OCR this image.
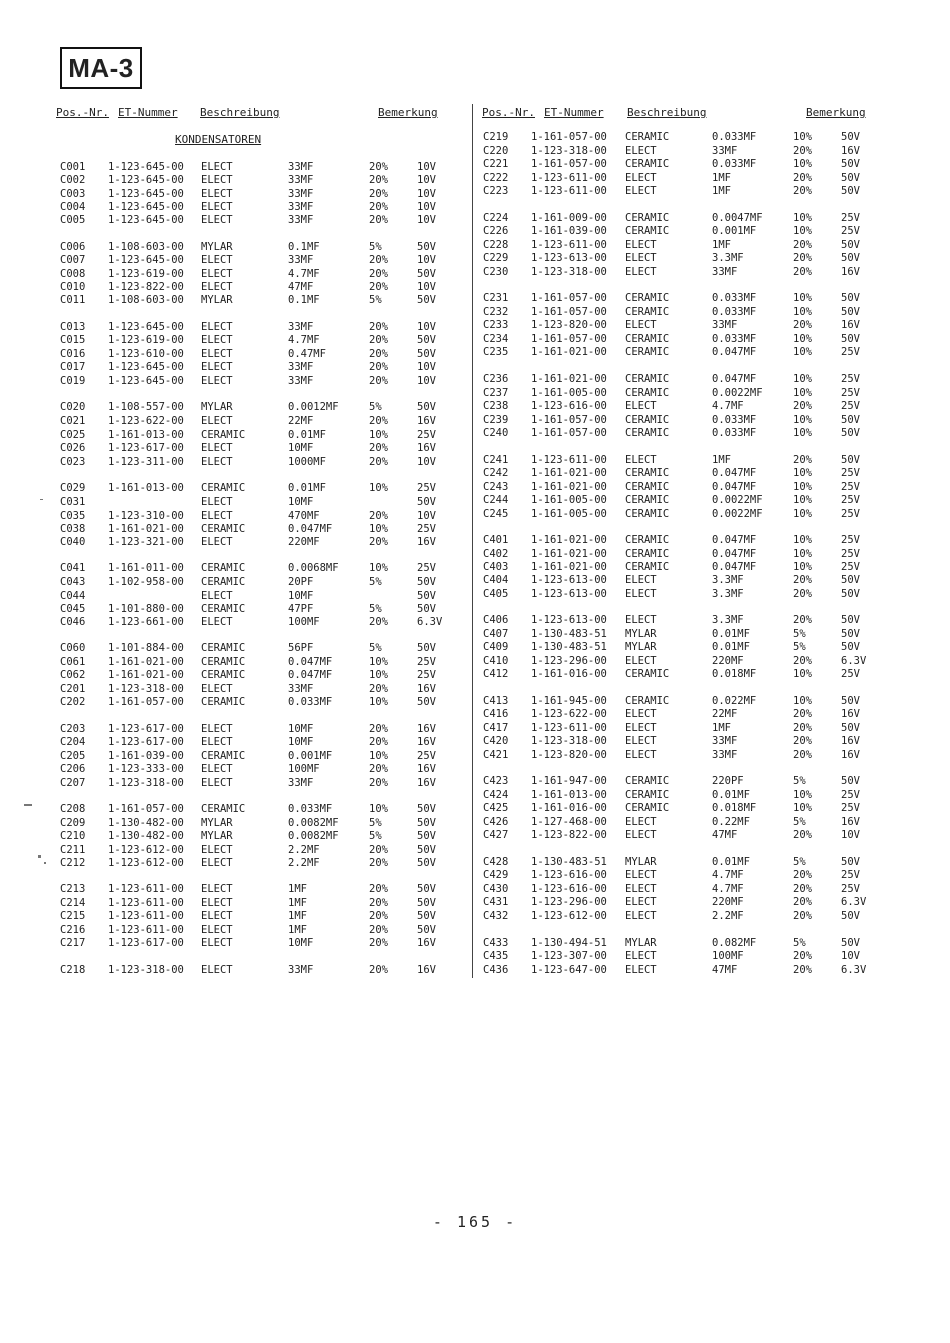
MA-3
Pos.-Nr. ET-Nummer Beschreibung	Bemerkung	Pos.-Nr. ET-Nummer Beschreibung	Bemerkung
KONDENSATOREN
C001 1-123-645-00 ELECT	33MF	20%	10V
C002 1-123-645-00 ELECT	33MF	20%	10V
C003 1-123-645-00 ELECT	33MF	20%	10V
C004 1-123-645-00 ELECT	33MF	20%	10V
C005 1-123-645-00 ELECT	33MF	20%	10V
C006 1-108-603-00 MYLAR	0.1MF	5%	50V
C007 1-123-645-00 ELECT	33MF	20%	10V
C008 1-123-619-00 ELECT	4.7MF	20%	50V
C010 1-123-822-00 ELECT	47MF	20%	10V
C011 1-108-603-00 MYLAR	0.1MF	5%	50V
C013 1-123-645-00 ELECT	33MF	20%	10V
C015 1-123-619-00 ELECT	4.7MF	20%	50V
C016 1-123-610-00 ELECT	0.47MF	20%	50V
C017 1-123-645-00 ELECT	33MF	20%	10V
C019 1-123-645-00 ELECT	33MF	20%	10V
C020 1-108-557-00 MYLAR	0.0012MF	5%	50V
C021 1-123-622-00 ELECT	22MF	20%	16V
C025 1-161-013-00 CERAMIC	0.01MF	10%	25V
C026 1-123-617-00 ELECT	10MF	20%	16V
C023 1-123-311-00 ELECT	1000MF	20%	10V
C029 1-161-013-00 CERAMIC	0.01MF	10%	25V
C031	ELECT	10MF	50V
C035 1-123-310-00 ELECT	470MF	20%	10V
C038 1-161-021-00 CERAMIC	0.047MF	10%	25V
C040 1-123-321-00 ELECT	220MF	20%	16V
C041 1-161-011-00 CERAMIC	0.0068MF	10%	25V
C043 1-102-958-00 CERAMIC	20PF	5%	50V
C044	ELECT	10MF	50V
C045 1-101-880-00 CERAMIC	47PF	5%	50V
C046 1-123-661-00 ELECT	100MF	20%	6.3V
C060 1-101-884-00 CERAMIC	56PF	5%	50V
C061 1-161-021-00 CERAMIC	0.047MF	10%	25V
C062 1-161-021-00 CERAMIC	0.047MF	10%	25V
C201 1-123-318-00 ELECT	33MF	20%	16V
C202 1-161-057-00 CERAMIC	0.033MF	10%	50V
C203 1-123-617-00 ELECT	10MF	20%	16V
C204 1-123-617-00 ELECT	10MF	20%	16V
C205 1-161-039-00 CERAMIC	0.001MF	10%	25V
C206 1-123-333-00 ELECT	100MF	20%	16V
C207 1-123-318-00 ELECT	33MF	20%	16V
C208 1-161-057-00 CERAMIC	0.033MF	10%	50V
C209 1-130-482-00 MYLAR	0.0082MF	5%	50V
C210 1-130-482-00 MYLAR	0.0082MF	5%	50V
C211 1-123-612-00 ELECT	2.2MF	20%	50V
C212 1-123-612-00 ELECT	2.2MF	20%	50V
C213 1-123-611-00 ELECT	1MF	20%	50V
C214 1-123-611-00 ELECT	1MF	20%	50V
C215 1-123-611-00 ELECT	1MF	20%	50V
C216 1-123-611-00 ELECT	1MF	20%	50V
C217 1-123-617-00 ELECT	10MF	20%	16V
C218 1-123-318-00 ELECT	33MF	20%	16V
C219 1-161-057-00 CERAMIC	0.033MF	10%	50V
C220 1-123-318-00 ELECT	33MF	20%	16V
C221 1-161-057-00 CERAMIC	0.033MF	10%	50V
C222 1-123-611-00 ELECT	1MF	20%	50V
C223 1-123-611-00 ELECT	1MF	20%	50V
C224 1-161-009-00 CERAMIC	0.0047MF	10%	25V
C226 1-161-039-00 CERAMIC	0.001MF	10%	25V
C228 1-123-611-00 ELECT	1MF	20%	50V
C229 1-123-613-00 ELECT	3.3MF	20%	50V
C230 1-123-318-00 ELECT	33MF	20%	16V
C231 1-161-057-00 CERAMIC	0.033MF	10%	50V
C232 1-161-057-00 CERAMIC	0.033MF	10%	50V
C233 1-123-820-00 ELECT	33MF	20%	16V
C234 1-161-057-00 CERAMIC	0.033MF	10%	50V
C235 1-161-021-00 CERAMIC	0.047MF	10%	25V
C236 1-161-021-00 CERAMIC	0.047MF	10%	25V
C237 1-161-005-00 CERAMIC	0.0022MF	10%	25V
C238 1-123-616-00 ELECT	4.7MF	20%	25V
C239 1-161-057-00 CERAMIC	0.033MF	10%	50V
C240 1-161-057-00 CERAMIC	0.033MF	10%	50V
C241 1-123-611-00 ELECT	1MF	20%	50V
C242 1-161-021-00 CERAMIC	0.047MF	10%	25V
C243 1-161-021-00 CERAMIC	0.047MF	10%	25V
C244 1-161-005-00 CERAMIC	0.0022MF	10%	25V
C245 1-161-005-00 CERAMIC	0.0022MF	10%	25V
C401 1-161-021-00 CERAMIC	0.047MF	10%	25V
C402 1-161-021-00 CERAMIC	0.047MF	10%	25V
C403 1-161-021-00 CERAMIC	0.047MF	10%	25V
C404 1-123-613-00 ELECT	3.3MF	20%	50V
C405 1-123-613-00 ELECT	3.3MF	20%	50V
C406 1-123-613-00 ELECT	3.3MF	20%	50V
C407 1-130-483-51 MYLAR	0.01MF	5%	50V
C409 1-130-483-51 MYLAR	0.01MF	5%	50V
C410 1-123-296-00 ELECT	220MF	20%	6.3V
C412 1-161-016-00 CERAMIC	0.018MF	10%	25V
C413 1-161-945-00 CERAMIC	0.022MF	10%	50V
C416 1-123-622-00 ELECT	22MF	20%	16V
C417 1-123-611-00 ELECT	1MF	20%	50V
C420 1-123-318-00 ELECT	33MF	20%	16V
C421 1-123-820-00 ELECT	33MF	20%	16V
C423 1-161-947-00 CERAMIC	220PF	5%	50V
C424 1-161-013-00 CERAMIC	0.01MF	10%	25V
C425 1-161-016-00 CERAMIC	0.018MF	10%	25V
C426 1-127-468-00 ELECT	0.22MF	5%	16V
C427 1-123-822-00 ELECT	47MF	20%	10V
C428 1-130-483-51 MYLAR	0.01MF	5%	50V
C429 1-123-616-00 ELECT	4.7MF	20%	25V
C430 1-123-616-00 ELECT	4.7MF	20%	25V
C431 1-123-296-00 ELECT	220MF	20%	6.3V
C432 1-123-612-00 ELECT	2.2MF	20%	50V
C433 1-130-494-51 MYLAR	0.082MF	5%	50V
C435 1-123-307-00 ELECT	100MF	20%	10V
C436 1-123-647-00 ELECT	47MF	20%	6.3V
- 165 -
